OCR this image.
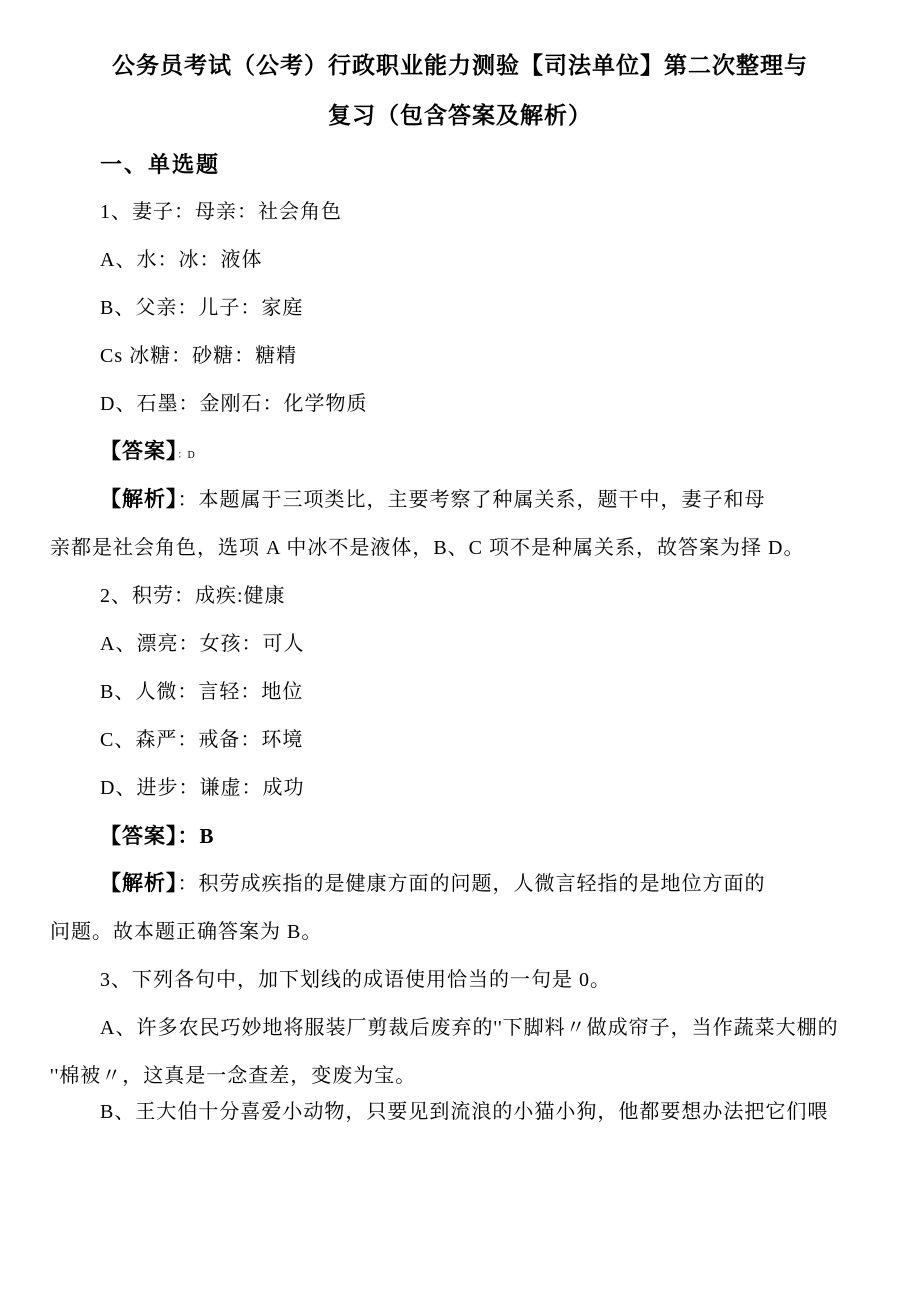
公务员考试（公考）行政职业能力测验【司法单位】第二次整理与
复习（包含答案及解析）
一、单选题
1、妻子：母亲：社会角色
A、水：冰：液体
B、父亲：儿子：家庭
Cs 冰糖：砂糖：糖精
D、石墨：金刚石：化学物质
【答案】：D
【解析】：本题属于三项类比，主要考察了种属关系，题干中，妻子和母
亲都是社会角色，选项 A 中冰不是液体，B、C 项不是种属关系，故答案为择 D。
2、积劳：成疾:健康
A、漂亮：女孩：可人
B、人微：言轻：地位
C、森严：戒备：环境
D、进步：谦虚：成功
【答案】：B
【解析】：积劳成疾指的是健康方面的问题，人微言轻指的是地位方面的
问题。故本题正确答案为 B。
3、下列各句中，加下划线的成语使用恰当的一句是 0。
A、许多农民巧妙地将服装厂剪裁后废弃的''下脚料〃做成帘子，当作蔬菜大棚的
''棉被〃，这真是一念查差，变废为宝。
B、王大伯十分喜爱小动物，只要见到流浪的小猫小狗，他都要想办法把它们喂
